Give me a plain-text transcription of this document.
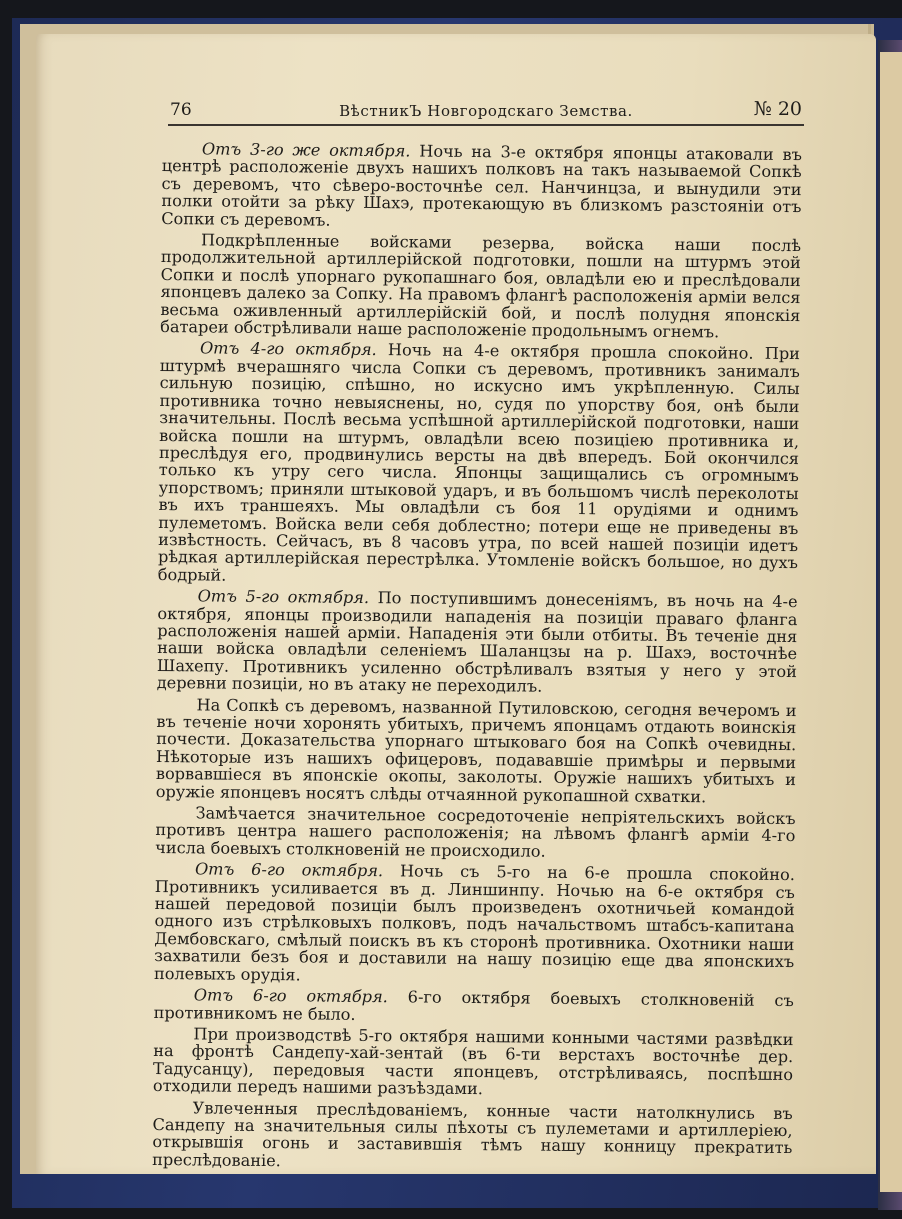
76	ВѣстникЪ Новгородскаго Земства.	№ 20

Отъ 3-го же октября. Ночь на 3-е октября японцы атаковали въ центрѣ расположеніе двухъ нашихъ полковъ на такъ называемой Сопкѣ съ деревомъ, что сѣверо-восточнѣе сел. Нанчинцза, и вынудили эти полки отойти за рѣку Шахэ, протекающую въ близкомъ разстояніи отъ Сопки съ деревомъ.

Подкрѣпленные войсками резерва, войска наши послѣ продолжительной артиллерійской подготовки, пошли на штурмъ этой Сопки и послѣ упорнаго рукопашнаго боя, овладѣли ею и преслѣдовали японцевъ далеко за Сопку. На правомъ флангѣ расположенія арміи велся весьма оживленный артиллерійскій бой, и послѣ полудня японскія батареи обстрѣливали наше расположеніе продольнымъ огнемъ.

Отъ 4-го октября. Ночь на 4-е октября прошла спокойно. При штурмѣ вчерашняго числа Сопки съ деревомъ, противникъ занималъ сильную позицію, спѣшно, но искусно имъ укрѣпленную. Силы противника точно невыяснены, но, судя по упорству боя, онѣ были значительны. Послѣ весьма успѣшной артиллерійской подготовки, наши войска пошли на штурмъ, овладѣли всею позиціею противника и, преслѣдуя его, продвинулись версты на двѣ впередъ. Бой окончился только къ утру сего числа. Японцы защищались съ огромнымъ упорствомъ; приняли штыковой ударъ, и въ большомъ числѣ переколоты въ ихъ траншеяхъ. Мы овладѣли съ боя 11 орудіями и однимъ пулеметомъ. Войска вели себя доблестно; потери еще не приведены въ извѣстность. Сейчасъ, въ 8 часовъ утра, по всей нашей позиціи идетъ рѣдкая артиллерійская перестрѣлка. Утомленіе войскъ большое, но духъ бодрый.

Отъ 5-го октября. По поступившимъ донесеніямъ, въ ночь на 4-е октября, японцы производили нападенія на позиціи праваго фланга расположенія нашей арміи. Нападенія эти были отбиты. Въ теченіе дня наши войска овладѣли селеніемъ Шаланцзы на р. Шахэ, восточнѣе Шахепу. Противникъ усиленно обстрѣливалъ взятыя у него у этой деревни позиціи, но въ атаку не переходилъ.

На Сопкѣ съ деревомъ, названной Путиловскою, сегодня вечеромъ и въ теченіе ночи хоронять убитыхъ, причемъ японцамъ отдають воинскія почести. Доказательства упорнаго штыковаго боя на Сопкѣ очевидны. Нѣкоторые изъ нашихъ офицеровъ, подававшіе примѣры и первыми ворвавшіеся въ японскіе окопы, заколоты. Оружіе нашихъ убитыхъ и оружіе японцевъ носятъ слѣды отчаянной рукопашной схватки.

Замѣчается значительное сосредоточеніе непріятельскихъ войскъ противъ центра нашего расположенія; на лѣвомъ флангѣ арміи 4-го числа боевыхъ столкновеній не происходило.

Отъ 6-го октября. Ночь съ 5-го на 6-е прошла спокойно. Противникъ усиливается въ д. Линшинпу. Ночью на 6-е октября съ нашей передовой позиціи былъ произведенъ охотничьей командой одного изъ стрѣлковыхъ полковъ, подъ начальствомъ штабсъ-капитана Дембовскаго, смѣлый поискъ въ къ сторонѣ противника. Охотники наши захватили безъ боя и доставили на нашу позицію еще два японскихъ полевыхъ орудія.

Отъ 6-го октября. 6-го октября боевыхъ столкновеній съ противникомъ не было.

При производствѣ 5-го октября нашими конными частями развѣдки на фронтѣ Сандепу-хай-зентай (въ 6-ти верстахъ восточнѣе дер. Тадусанцу), передовыя части японцевъ, отстрѣливаясь, поспѣшно отходили передъ нашими разъѣздами.

Увлеченныя преслѣдованіемъ, конные части натолкнулись въ Сандепу на значительныя силы пѣхоты съ пулеметами и артиллеріею, открывшія огонь и заставившія тѣмъ нашу конницу прекратить преслѣдованіе.
